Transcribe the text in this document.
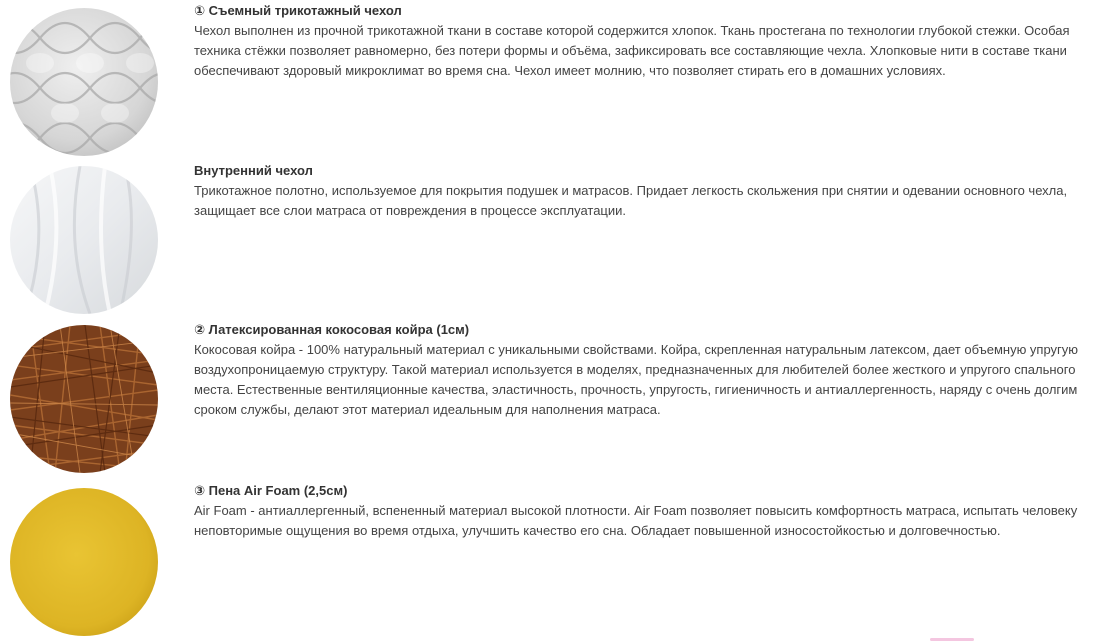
① Съемный трикотажный чехол

Чехол выполнен из прочной трикотажной ткани в составе которой содержится хлопок. Ткань простегана по технологии глубокой стежки. Особая техника стёжки позволяет равномерно, без потери формы и объёма, зафиксировать все составляющие чехла. Хлопковые нити в составе ткани обеспечивают здоровый микроклимат во время сна. Чехол имеет молнию, что позволяет стирать его в домашних условиях.

Внутренний чехол

Трикотажное полотно, используемое для покрытия подушек и матрасов. Придает легкость скольжения при снятии и одевании основного чехла, защищает все слои матраса от повреждения в процессе эксплуатации.

② Латексированная кокосовая койра (1см)

Кокосовая койра - 100% натуральный материал с уникальными свойствами. Койра, скрепленная натуральным латексом, дает объемную упругую воздухопроницаемую структуру. Такой материал используется в моделях, предназначенных для любителей более жесткого и упругого спального места. Естественные вентиляционные качества, эластичность, прочность, упругость, гигиеничность и антиаллергенность, наряду с очень долгим сроком службы, делают этот материал идеальным для наполнения матраса.

③ Пена Air Foam (2,5см)

Air Foam - антиаллергенный, вспененный материал высокой плотности. Air Foam позволяет повысить комфортность матраса, испытать человеку неповторимые ощущения во время отдыха, улучшить качество его сна. Обладает повышенной износостойкостью и долговечностью.
